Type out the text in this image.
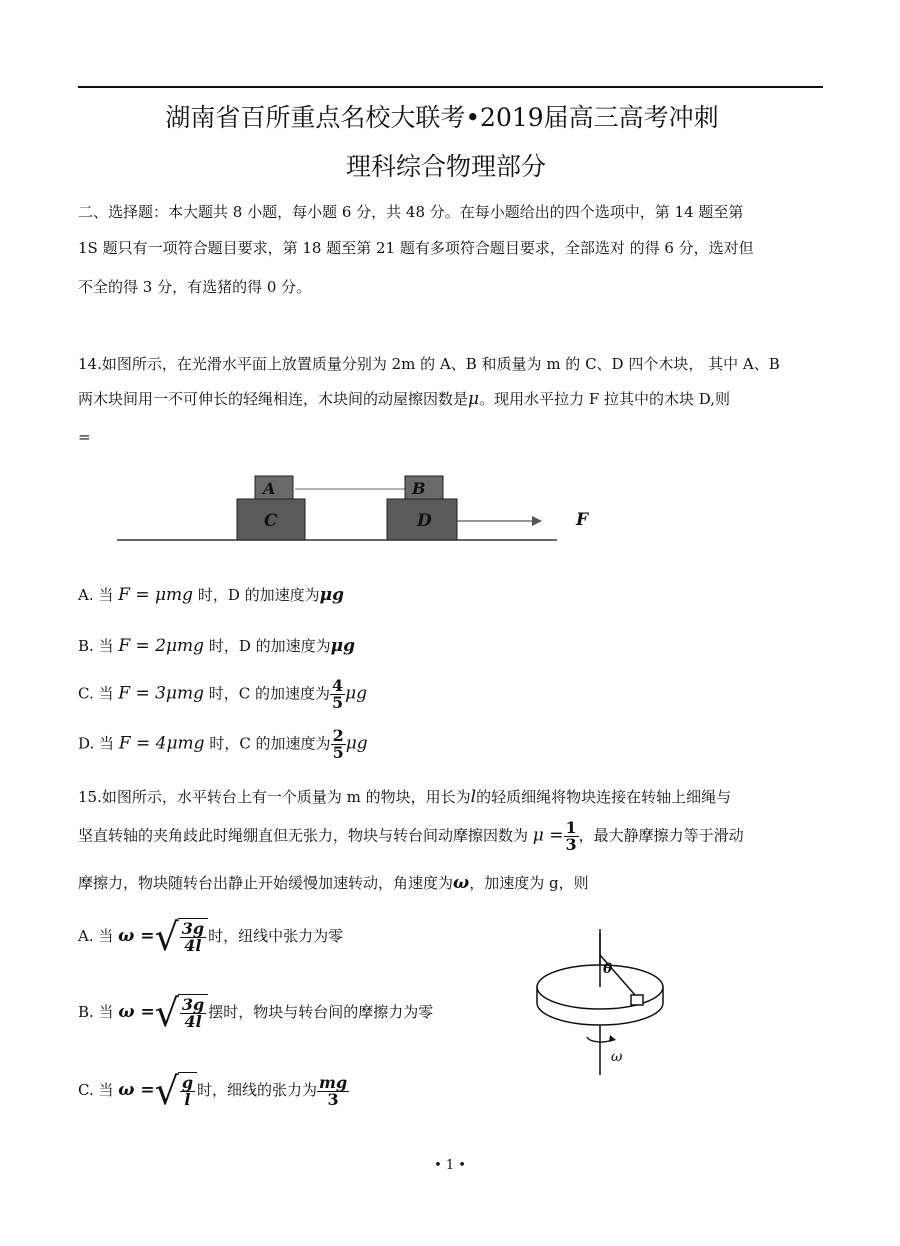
湖南省百所重点名校大联考•2019届高三高考冲刺
理科综合物理部分
二、选择题：本大题共 8 小题，每小题 6 分，共 48 分。在每小题给出的四个选项中，第 14 题至第
1S 题只有一项符合题目要求，第 18 题至第 21 题有多项符合题目要求，全部选对 的得 6 分，选对但
不全的得 3 分，有选猪的得 0 分。
14.如图所示，在光滑水平面上放置质量分别为 2m 的 A、B 和质量为 m 的 C、D 四个木块， 其中 A、B
两木块间用一不可伸长的轻绳相连，木块间的动屋擦因数是μ。现用水平拉力 F 拉其中的木块 D,则
=
A	B
C	D	F
A. 当 F = μmg 时，D 的加速度为μg
B. 当 F = 2μmg 时，D 的加速度为μg
C. 当 F = 3μmg 时，C 的加速度为 $\frac{4}{5}$ μg
D. 当 F = 4μmg 时，C 的加速度为 $\frac{2}{5}$ μg
15.如图所示，水平转台上有一个质量为 m 的物块，用长为l的轻质细绳将物块连接在转轴上细绳与
坚直转轴的夹角歧此时绳绷直但无张力，物块与转台间动摩擦因数为 $\mu = \frac{1}{3}$ ，最大静摩擦力等于滑动
摩擦力，物块随转台出静止开始缓慢加速转动，角速度为ω，加速度为 g，则
A. 当 ω = √ $\frac{3g}{4l}$ 时，纽线中张力为零
B. 当 ω = √ $\frac{3g}{4l}$ 摆时，物块与转台间的摩擦力为零
C. 当 ω = √ $\frac{g}{l}$ 时，细线的张力为 $\frac{mg}{3}$
θ
ω
• 1 •
